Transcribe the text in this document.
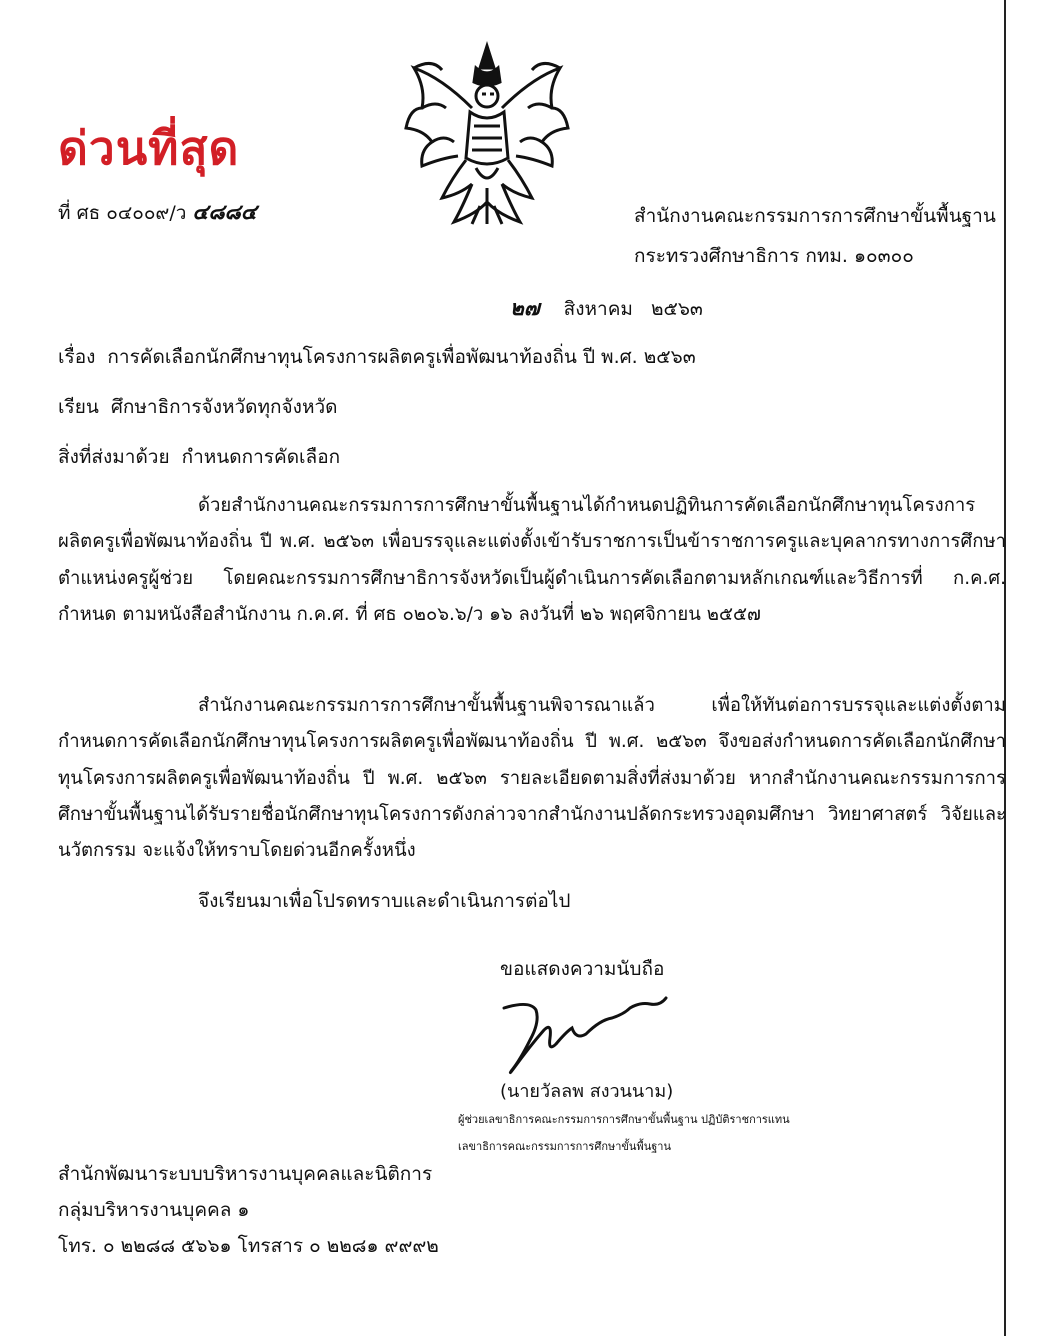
ด่วนที่สุด
ที่ ศธ ๐๔๐๐๙/ว ๔๘๘๔	สำนักงานคณะกรรมการการศึกษาขั้นพื้นฐาน
กระทรวงศึกษาธิการ กทม. ๑๐๓๐๐
๒๗ สิงหาคม ๒๕๖๓
เรื่อง การคัดเลือกนักศึกษาทุนโครงการผลิตครูเพื่อพัฒนาท้องถิ่น ปี พ.ศ. ๒๕๖๓
เรียน ศึกษาธิการจังหวัดทุกจังหวัด
สิ่งที่ส่งมาด้วย กำหนดการคัดเลือก
ด้วยสำนักงานคณะกรรมการการศึกษาขั้นพื้นฐานได้กำหนดปฏิทินการคัดเลือกนักศึกษาทุนโครงการผลิตครูเพื่อพัฒนาท้องถิ่น ปี พ.ศ. ๒๕๖๓ เพื่อบรรจุและแต่งตั้งเข้ารับราชการเป็นข้าราชการครูและบุคลากรทางการศึกษา ตำแหน่งครูผู้ช่วย โดยคณะกรรมการศึกษาธิการจังหวัดเป็นผู้ดำเนินการคัดเลือกตามหลักเกณฑ์และวิธีการที่ ก.ค.ศ. กำหนด ตามหนังสือสำนักงาน ก.ค.ศ. ที่ ศธ ๐๒๐๖.๖/ว ๑๖ ลงวันที่ ๒๖ พฤศจิกายน ๒๕๕๗
สำนักงานคณะกรรมการการศึกษาขั้นพื้นฐานพิจารณาแล้ว เพื่อให้ทันต่อการบรรจุและแต่งตั้งตามกำหนดการคัดเลือกนักศึกษาทุนโครงการผลิตครูเพื่อพัฒนาท้องถิ่น ปี พ.ศ. ๒๕๖๓ จึงขอส่งกำหนดการคัดเลือกนักศึกษาทุนโครงการผลิตครูเพื่อพัฒนาท้องถิ่น ปี พ.ศ. ๒๕๖๓ รายละเอียดตามสิ่งที่ส่งมาด้วย หากสำนักงานคณะกรรมการการศึกษาขั้นพื้นฐานได้รับรายชื่อนักศึกษาทุนโครงการดังกล่าวจากสำนักงานปลัดกระทรวงอุดมศึกษา วิทยาศาสตร์ วิจัยและนวัตกรรม จะแจ้งให้ทราบโดยด่วนอีกครั้งหนึ่ง
จึงเรียนมาเพื่อโปรดทราบและดำเนินการต่อไป
ขอแสดงความนับถือ
(นายวัลลพ สงวนนาม)
ผู้ช่วยเลขาธิการคณะกรรมการการศึกษาขั้นพื้นฐาน ปฏิบัติราชการแทน
เลขาธิการคณะกรรมการการศึกษาขั้นพื้นฐาน
สำนักพัฒนาระบบบริหารงานบุคคลและนิติการ
กลุ่มบริหารงานบุคคล ๑
โทร. ๐ ๒๒๘๘ ๕๖๖๑ โทรสาร ๐ ๒๒๘๑ ๙๙๙๒
